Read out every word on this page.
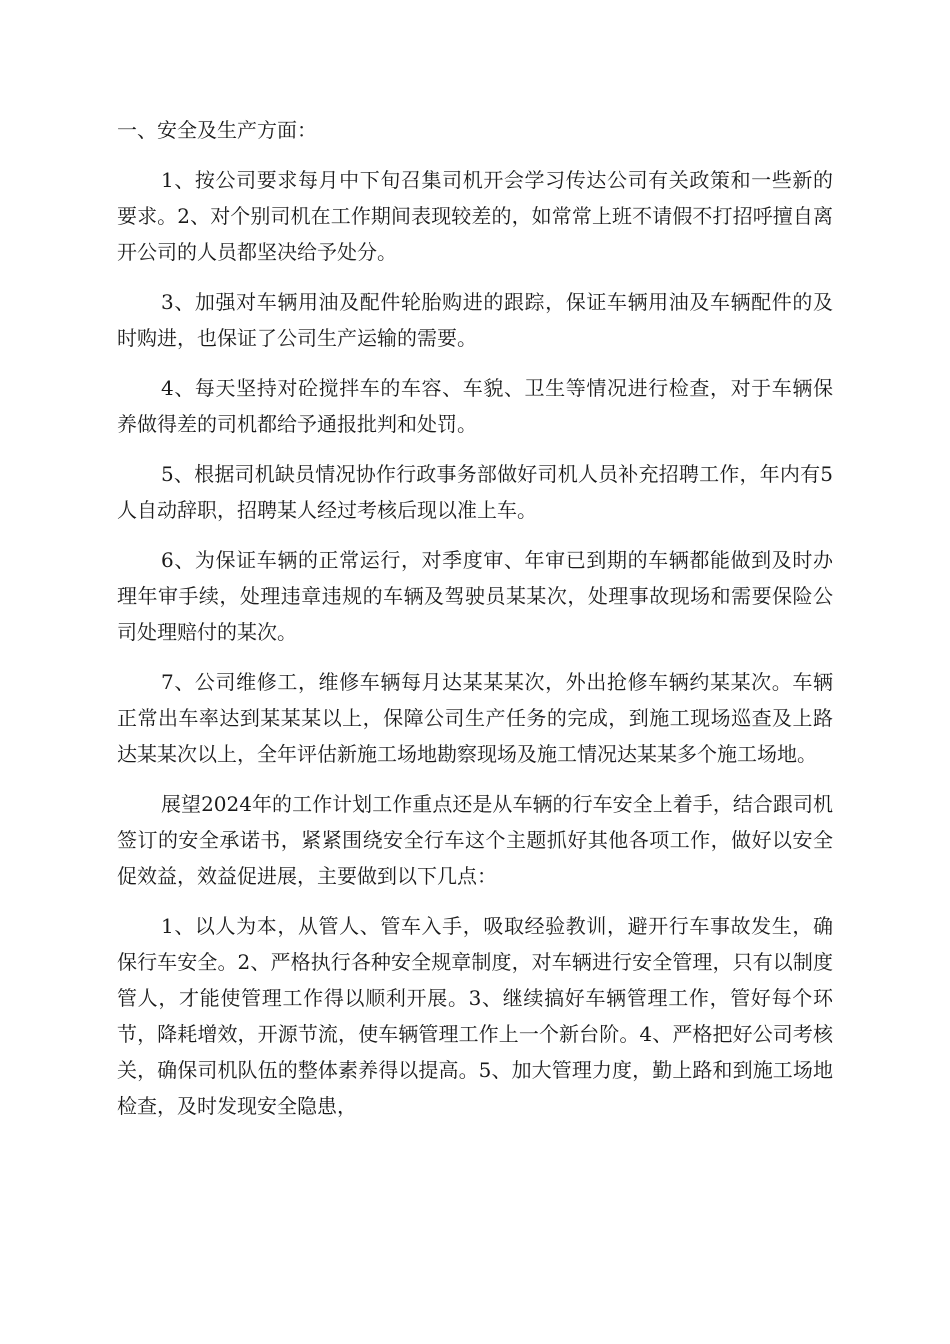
一、安全及生产方面：

1、按公司要求每月中下旬召集司机开会学习传达公司有关政策和一些新的要求。2、对个别司机在工作期间表现较差的，如常常上班不请假不打招呼擅自离开公司的人员都坚决给予处分。

3、加强对车辆用油及配件轮胎购进的跟踪，保证车辆用油及车辆配件的及时购进，也保证了公司生产运输的需要。

4、每天坚持对砼搅拌车的车容、车貌、卫生等情况进行检查，对于车辆保养做得差的司机都给予通报批判和处罚。

5、根据司机缺员情况协作行政事务部做好司机人员补充招聘工作，年内有5人自动辞职，招聘某人经过考核后现以准上车。

6、为保证车辆的正常运行，对季度审、年审已到期的车辆都能做到及时办理年审手续，处理违章违规的车辆及驾驶员某某次，处理事故现场和需要保险公司处理赔付的某次。

7、公司维修工，维修车辆每月达某某某次，外出抢修车辆约某某次。车辆正常出车率达到某某某以上，保障公司生产任务的完成，到施工现场巡查及上路达某某次以上，全年评估新施工场地勘察现场及施工情况达某某多个施工场地。

展望2024年的工作计划工作重点还是从车辆的行车安全上着手，结合跟司机签订的安全承诺书，紧紧围绕安全行车这个主题抓好其他各项工作，做好以安全促效益，效益促进展，主要做到以下几点：

1、以人为本，从管人、管车入手，吸取经验教训，避开行车事故发生，确保行车安全。2、严格执行各种安全规章制度，对车辆进行安全管理，只有以制度管人，才能使管理工作得以顺利开展。3、继续搞好车辆管理工作，管好每个环节，降耗增效，开源节流，使车辆管理工作上一个新台阶。4、严格把好公司考核关，确保司机队伍的整体素养得以提高。5、加大管理力度，勤上路和到施工场地检查，及时发现安全隐患，
